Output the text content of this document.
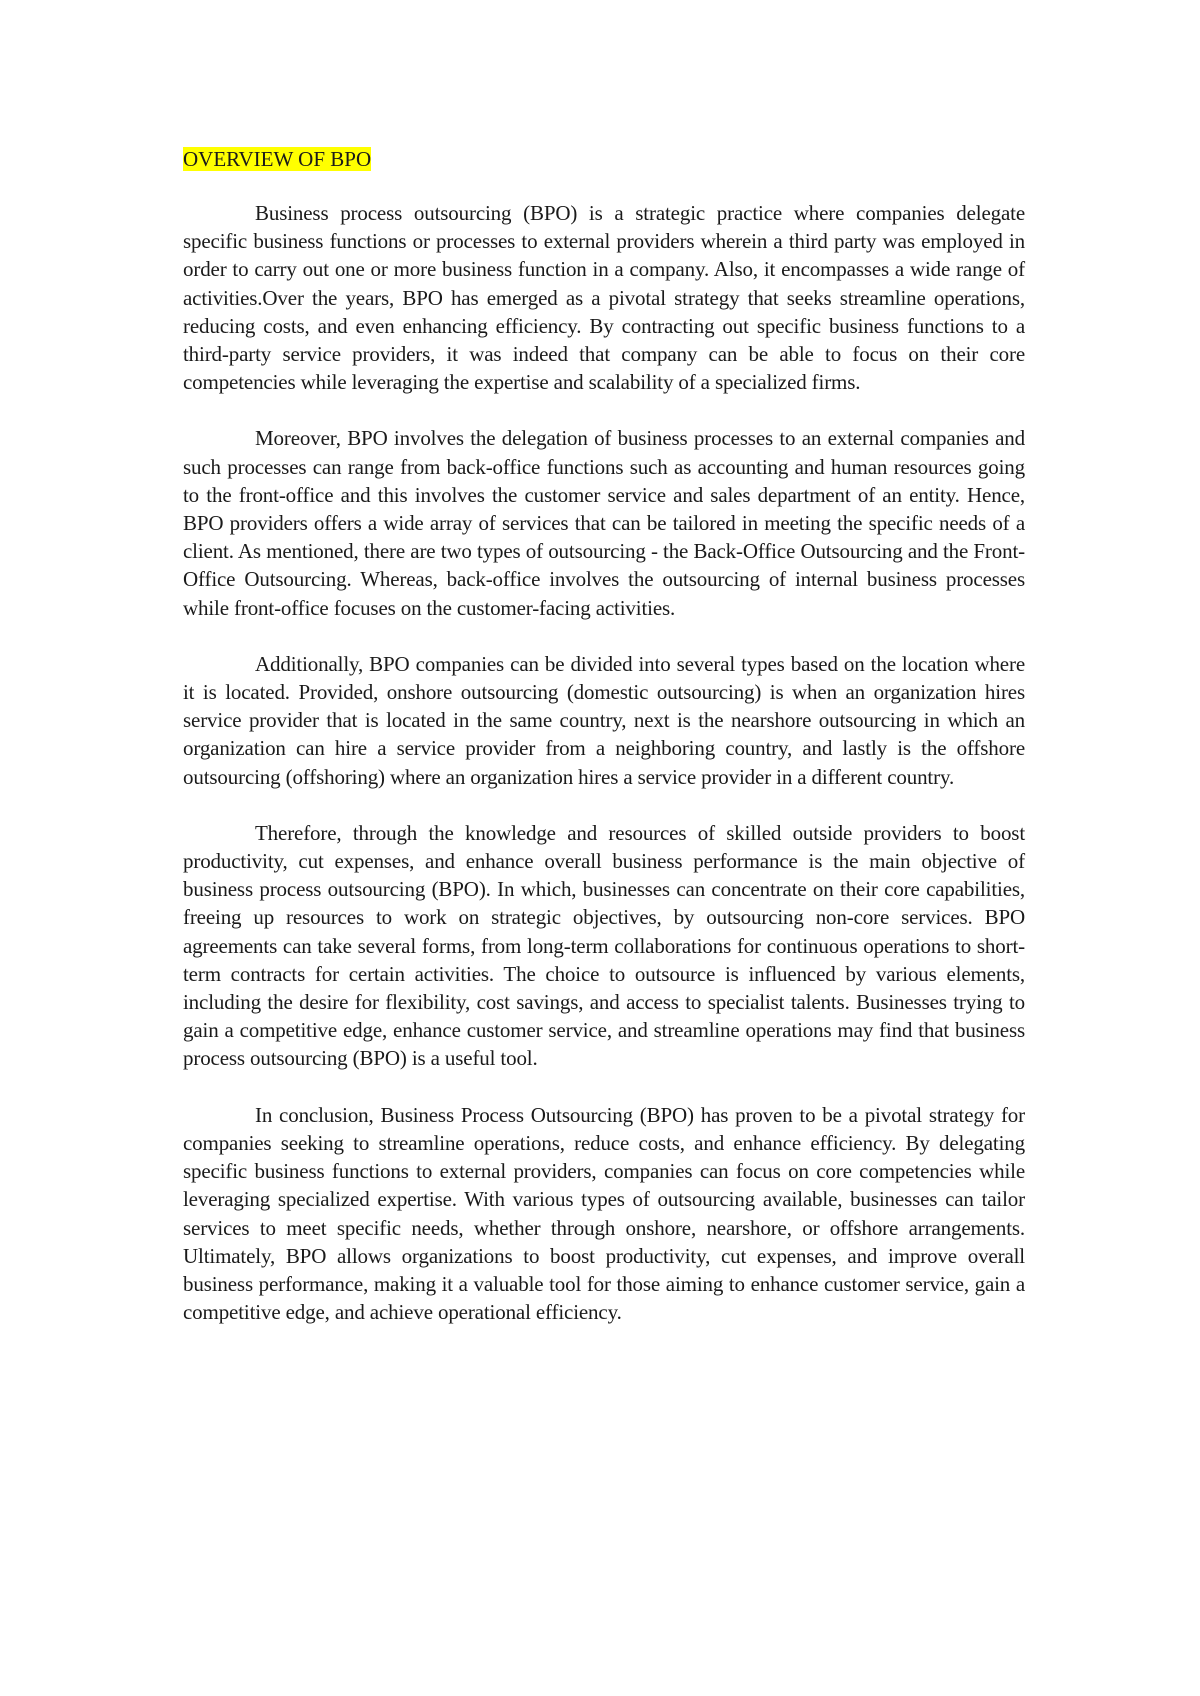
OVERVIEW OF BPO

Business process outsourcing (BPO) is a strategic practice where companies delegate specific business functions or processes to external providers wherein a third party was employed in order to carry out one or more business function in a company. Also, it encompasses a wide range of activities.Over the years, BPO has emerged as a pivotal strategy that seeks streamline operations, reducing costs, and even enhancing efficiency. By contracting out specific business functions to a third-party service providers, it was indeed that company can be able to focus on their core competencies while leveraging the expertise and scalability of a specialized firms.

Moreover, BPO involves the delegation of business processes to an external companies and such processes can range from back-office functions such as accounting and human resources going to the front-office and this involves the customer service and sales department of an entity. Hence, BPO providers offers a wide array of services that can be tailored in meeting the specific needs of a client. As mentioned, there are two types of outsourcing - the Back-Office Outsourcing and the Front-Office Outsourcing. Whereas, back-office involves the outsourcing of internal business processes while front-office focuses on the customer-facing activities.

Additionally, BPO companies can be divided into several types based on the location where it is located. Provided, onshore outsourcing (domestic outsourcing) is when an organization hires service provider that is located in the same country, next is the nearshore outsourcing in which an organization can hire a service provider from a neighboring country, and lastly is the offshore outsourcing (offshoring) where an organization hires a service provider in a different country.

Therefore, through the knowledge and resources of skilled outside providers to boost productivity, cut expenses, and enhance overall business performance is the main objective of business process outsourcing (BPO). In which, businesses can concentrate on their core capabilities, freeing up resources to work on strategic objectives, by outsourcing non-core services. BPO agreements can take several forms, from long-term collaborations for continuous operations to short-term contracts for certain activities. The choice to outsource is influenced by various elements, including the desire for flexibility, cost savings, and access to specialist talents. Businesses trying to gain a competitive edge, enhance customer service, and streamline operations may find that business process outsourcing (BPO) is a useful tool.

In conclusion, Business Process Outsourcing (BPO) has proven to be a pivotal strategy for companies seeking to streamline operations, reduce costs, and enhance efficiency. By delegating specific business functions to external providers, companies can focus on core competencies while leveraging specialized expertise. With various types of outsourcing available, businesses can tailor services to meet specific needs, whether through onshore, nearshore, or offshore arrangements. Ultimately, BPO allows organizations to boost productivity, cut expenses, and improve overall business performance, making it a valuable tool for those aiming to enhance customer service, gain a competitive edge, and achieve operational efficiency.
